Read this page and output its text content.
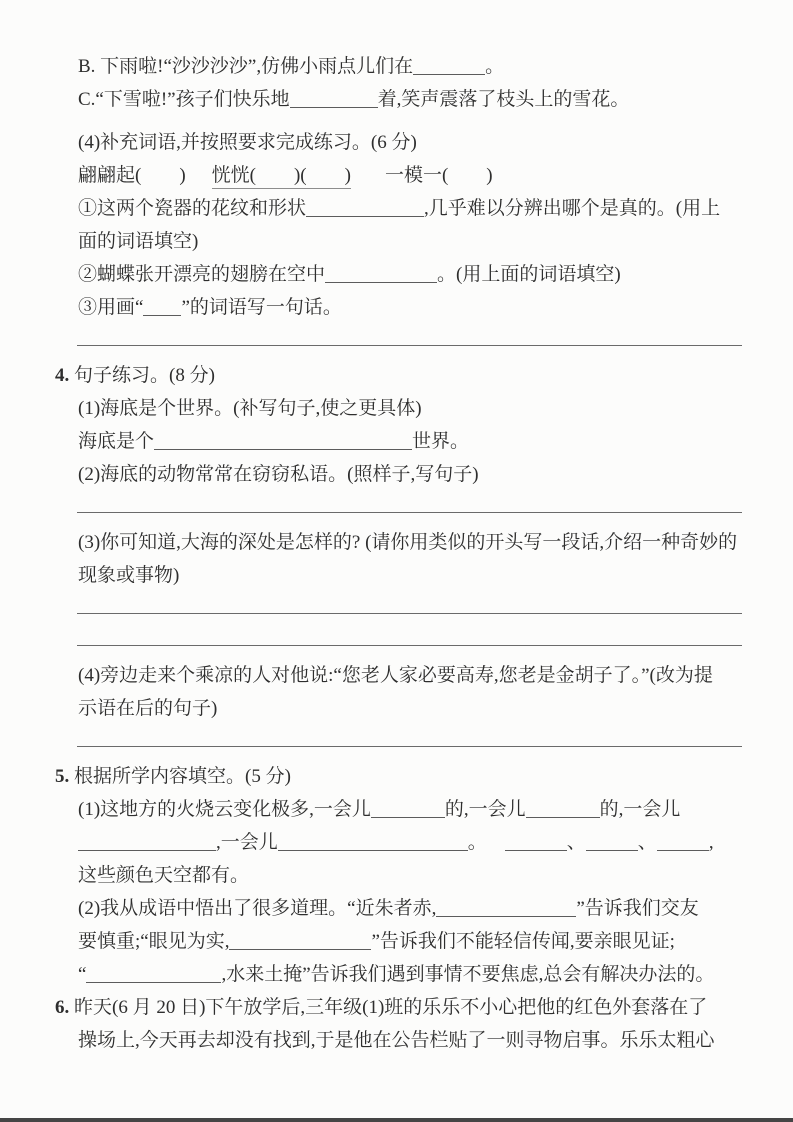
B. 下雨啦!“沙沙沙沙”,仿佛小雨点儿们在	。
C.“下雪啦!”孩子们快乐地	着,笑声震落了枝头上的雪花。
(4)补充词语,并按照要求完成练习。(6 分)
翩翩起(  ) 恍恍(  )(  ) 一模一(  )
①这两个瓷器的花纹和形状	,几乎难以分辨出哪个是真的。(用上
面的词语填空)
②蝴蝶张开漂亮的翅膀在空中	。(用上面的词语填空)
③用画“ ”的词语写一句话。
4. 句子练习。(8 分)
(1)海底是个世界。(补写句子,使之更具体)
海底是个	世界。
(2)海底的动物常常在窃窃私语。(照样子,写句子)
(3)你可知道,大海的深处是怎样的? (请你用类似的开头写一段话,介绍一种奇妙的
现象或事物)
(4)旁边走来个乘凉的人对他说:“您老人家必要高寿,您老是金胡子了。”(改为提
示语在后的句子)
5. 根据所学内容填空。(5 分)
(1)这地方的火烧云变化极多,一会儿	的,一会儿	的,一会儿
,一会儿	。	、	、	,
这些颜色天空都有。
(2)我从成语中悟出了很多道理。“近朱者赤,	”告诉我们交友
要慎重;“眼见为实,	”告诉我们不能轻信传闻,要亲眼见证;
“	,水来土掩”告诉我们遇到事情不要焦虑,总会有解决办法的。
6. 昨天(6 月 20 日)下午放学后,三年级(1)班的乐乐不小心把他的红色外套落在了
操场上,今天再去却没有找到,于是他在公告栏贴了一则寻物启事。乐乐太粗心
